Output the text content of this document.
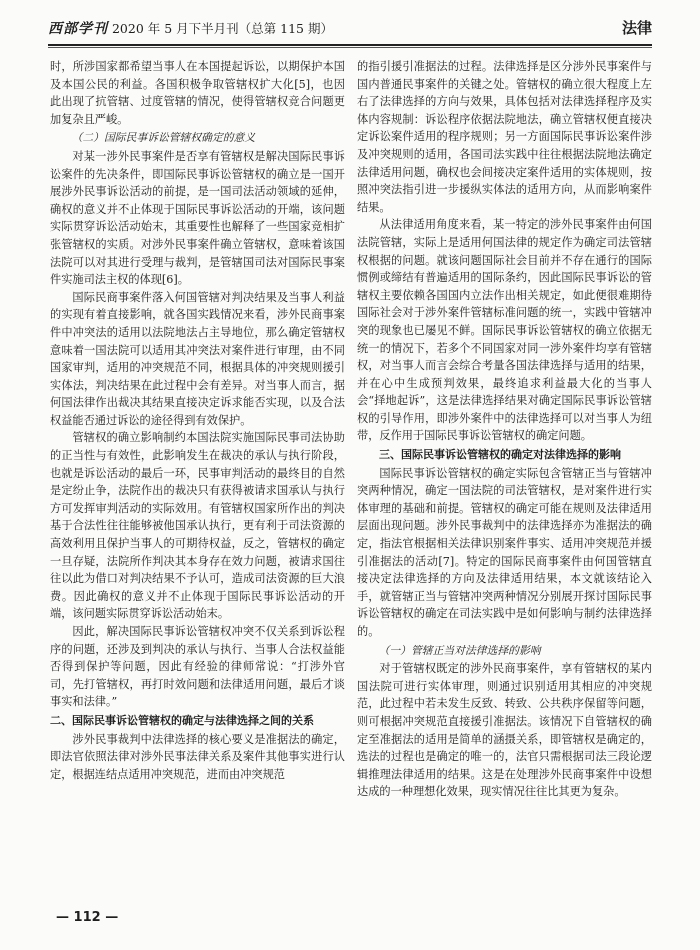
西部学刊 2020 年 5 月下半月刊（总第 115 期）	法律

时，所涉国家都希望当事人在本国提起诉讼，以期保护本国及本国公民的利益。各国积极争取管辖权扩大化[5]，也因此出现了抗管辖、过度管辖的情况，使得管辖权竞合问题更加复杂且严峻。

（二）国际民事诉讼管辖权确定的意义

对某一涉外民事案件是否享有管辖权是解决国际民事诉讼案件的先决条件，即国际民事诉讼管辖权的确立是一国开展涉外民事诉讼活动的前提，是一国司法活动领域的延伸，确权的意义并不止体现于国际民事诉讼活动的开端，该问题实际贯穿诉讼活动始末，其重要性也解释了一些国家竞相扩张管辖权的实质。对涉外民事案件确立管辖权，意味着该国法院可以对其进行受理与裁判，是管辖国司法对国际民事案件实施司法主权的体现[6]。

国际民商事案件落入何国管辖对判决结果及当事人利益的实现有着直接影响，就各国实践情况来看，涉外民商事案件中冲突法的适用以法院地法占主导地位，那么确定管辖权意味着一国法院可以适用其冲突法对案件进行审理，由不同国家审判，适用的冲突规范不同，根据具体的冲突规则援引实体法，判决结果在此过程中会有差异。对当事人而言，据何国法律作出裁决其结果直接决定诉求能否实现，以及合法权益能否通过诉讼的途径得到有效保护。

管辖权的确立影响制约本国法院实施国际民事司法协助的正当性与有效性，此影响发生在裁决的承认与执行阶段，也就是诉讼活动的最后一环，民事审判活动的最终目的自然是定纷止争，法院作出的裁决只有获得被请求国承认与执行方可发挥审判活动的实际效用。有管辖权国家所作出的判决基于合法性往往能够被他国承认执行，更有利于司法资源的高效利用且保护当事人的可期待权益，反之，管辖权的确定一旦存疑，法院所作判决其本身存在效力问题，被请求国往往以此为借口对判决结果不予认可，造成司法资源的巨大浪费。因此确权的意义并不止体现于国际民事诉讼活动的开端，该问题实际贯穿诉讼活动始末。

因此，解决国际民事诉讼管辖权冲突不仅关系到诉讼程序的问题，还涉及到判决的承认与执行、当事人合法权益能否得到保护等问题，因此有经验的律师常说：“打涉外官司，先打管辖权，再打时效问题和法律适用问题，最后才谈事实和法律。”

二、国际民事诉讼管辖权的确定与法律选择之间的关系

涉外民事裁判中法律选择的核心要义是准据法的确定，即法官依照法律对涉外民事法律关系及案件其他事实进行认定，根据连结点适用冲突规范，进而由冲突规范

的指引援引准据法的过程。法律选择是区分涉外民事案件与国内普通民事案件的关键之处。管辖权的确立很大程度上左右了法律选择的方向与效果，具体包括对法律选择程序及实体内容规制：诉讼程序依据法院地法，确立管辖权便直接决定诉讼案件适用的程序规则；另一方面国际民事诉讼案件涉及冲突规则的适用，各国司法实践中往往根据法院地法确定法律适用问题，确权也会间接决定案件适用的实体规则，按照冲突法指引进一步援纵实体法的适用方向，从而影响案件结果。

从法律适用角度来看，某一特定的涉外民事案件由何国法院管辖，实际上是适用何国法律的规定作为确定司法管辖权根据的问题。就该问题国际社会目前并不存在通行的国际惯例或缔结有普遍适用的国际条约，因此国际民事诉讼的管辖权主要依赖各国国内立法作出相关规定，如此便很难期待国际社会对于涉外案件管辖标准问题的统一，实践中管辖冲突的现象也已屡见不鲜。国际民事诉讼管辖权的确立依据无统一的情况下，若多个不同国家对同一涉外案件均享有管辖权，对当事人而言会综合考量各国法律选择与适用的结果，并在心中生成预判效果，最终追求利益最大化的当事人会“择地起诉”，这是法律选择结果对确定国际民事诉讼管辖权的引导作用，即涉外案件中的法律选择可以对当事人为纽带，反作用于国际民事诉讼管辖权的确定问题。

三、国际民事诉讼管辖权的确定对法律选择的影响

国际民事诉讼管辖权的确定实际包含管辖正当与管辖冲突两种情况，确定一国法院的司法管辖权，是对案件进行实体审理的基础和前提。管辖权的确定可能在规则及法律适用层面出现问题。涉外民事裁判中的法律选择亦为准据法的确定，指法官根据相关法律识别案件事实、适用冲突规范并援引准据法的活动[7]。特定的国际民商事案件由何国管辖直接决定法律选择的方向及法律适用结果，本文就该结论入手，就管辖正当与管辖冲突两种情况分别展开探讨国际民事诉讼管辖权的确定在司法实践中是如何影响与制约法律选择的。

（一）管辖正当对法律选择的影响

对于管辖权既定的涉外民商事案件，享有管辖权的某内国法院可进行实体审理，则通过识别适用其相应的冲突规范，此过程中若未发生反致、转致、公共秩序保留等问题，则可根据冲突规范直接援引准据法。该情况下自管辖权的确定至准据法的适用是简单的涵摄关系，即管辖权是确定的，选法的过程也是确定的唯一的，法官只需根据司法三段论逻辑推理法律适用的结果。这是在处理涉外民商事案件中设想达成的一种理想化效果，现实情况往往比其更为复杂。

— 112 —
